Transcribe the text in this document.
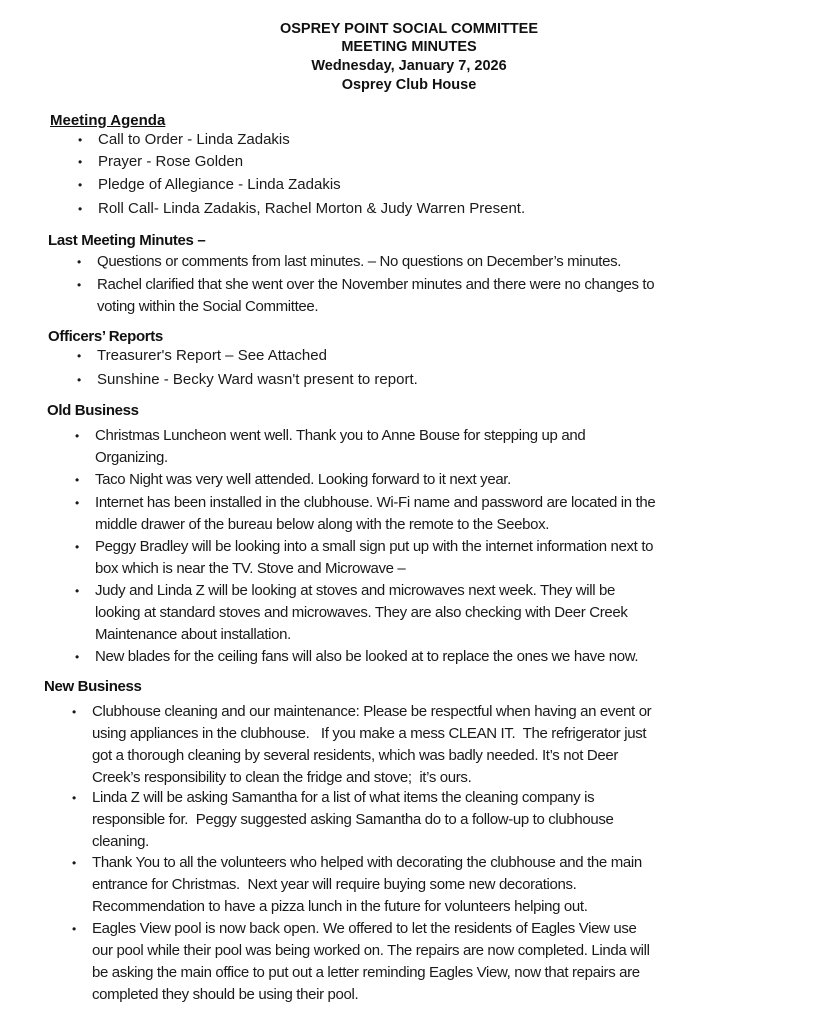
OSPREY POINT SOCIAL COMMITTEE
MEETING MINUTES
Wednesday, January 7, 2026
Osprey Club House
Meeting Agenda
• Call to Order - Linda Zadakis
• Prayer - Rose Golden
• Pledge of Allegiance - Linda Zadakis
• Roll Call- Linda Zadakis, Rachel Morton & Judy Warren Present.
Last Meeting Minutes –
• Questions or comments from last minutes. – No questions on December’s minutes.
• Rachel clarified that she went over the November minutes and there were no changes to
voting within the Social Committee.
Officers’ Reports
• Treasurer's Report – See Attached
• Sunshine - Becky Ward wasn't present to report.
Old Business
• Christmas Luncheon went well. Thank you to Anne Bouse for stepping up and
Organizing.
• Taco Night was very well attended. Looking forward to it next year.
• Internet has been installed in the clubhouse. Wi-Fi name and password are located in the
middle drawer of the bureau below along with the remote to the Seebox.
• Peggy Bradley will be looking into a small sign put up with the internet information next to
box which is near the TV. Stove and Microwave –
• Judy and Linda Z will be looking at stoves and microwaves next week. They will be
looking at standard stoves and microwaves. They are also checking with Deer Creek
Maintenance about installation.
• New blades for the ceiling fans will also be looked at to replace the ones we have now.
New Business
• Clubhouse cleaning and our maintenance: Please be respectful when having an event or
using appliances in the clubhouse.   If you make a mess CLEAN IT.  The refrigerator just
got a thorough cleaning by several residents, which was badly needed. It’s not Deer
Creek’s responsibility to clean the fridge and stove;  it’s ours.
• Linda Z will be asking Samantha for a list of what items the cleaning company is
responsible for.  Peggy suggested asking Samantha do to a follow-up to clubhouse
cleaning.
• Thank You to all the volunteers who helped with decorating the clubhouse and the main
entrance for Christmas.  Next year will require buying some new decorations.
Recommendation to have a pizza lunch in the future for volunteers helping out.
• Eagles View pool is now back open. We offered to let the residents of Eagles View use
our pool while their pool was being worked on. The repairs are now completed. Linda will
be asking the main office to put out a letter reminding Eagles View, now that repairs are
completed they should be using their pool.
